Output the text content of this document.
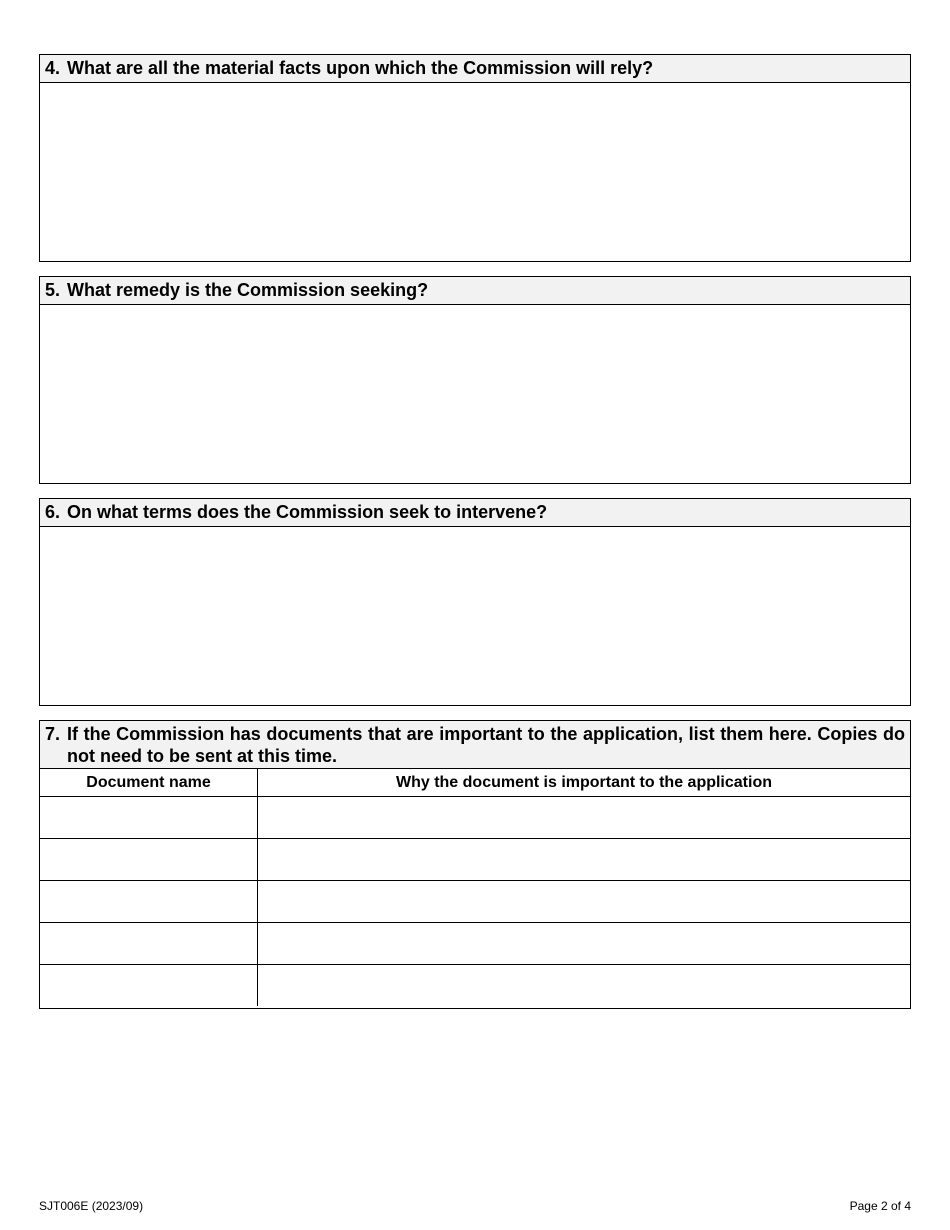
4. What are all the material facts upon which the Commission will rely?
5. What remedy is the Commission seeking?
6. On what terms does the Commission seek to intervene?
7. If the Commission has documents that are important to the application, list them here. Copies do not need to be sent at this time.
Document name	Why the document is important to the application

SJT006E (2023/09)	Page 2 of 4
